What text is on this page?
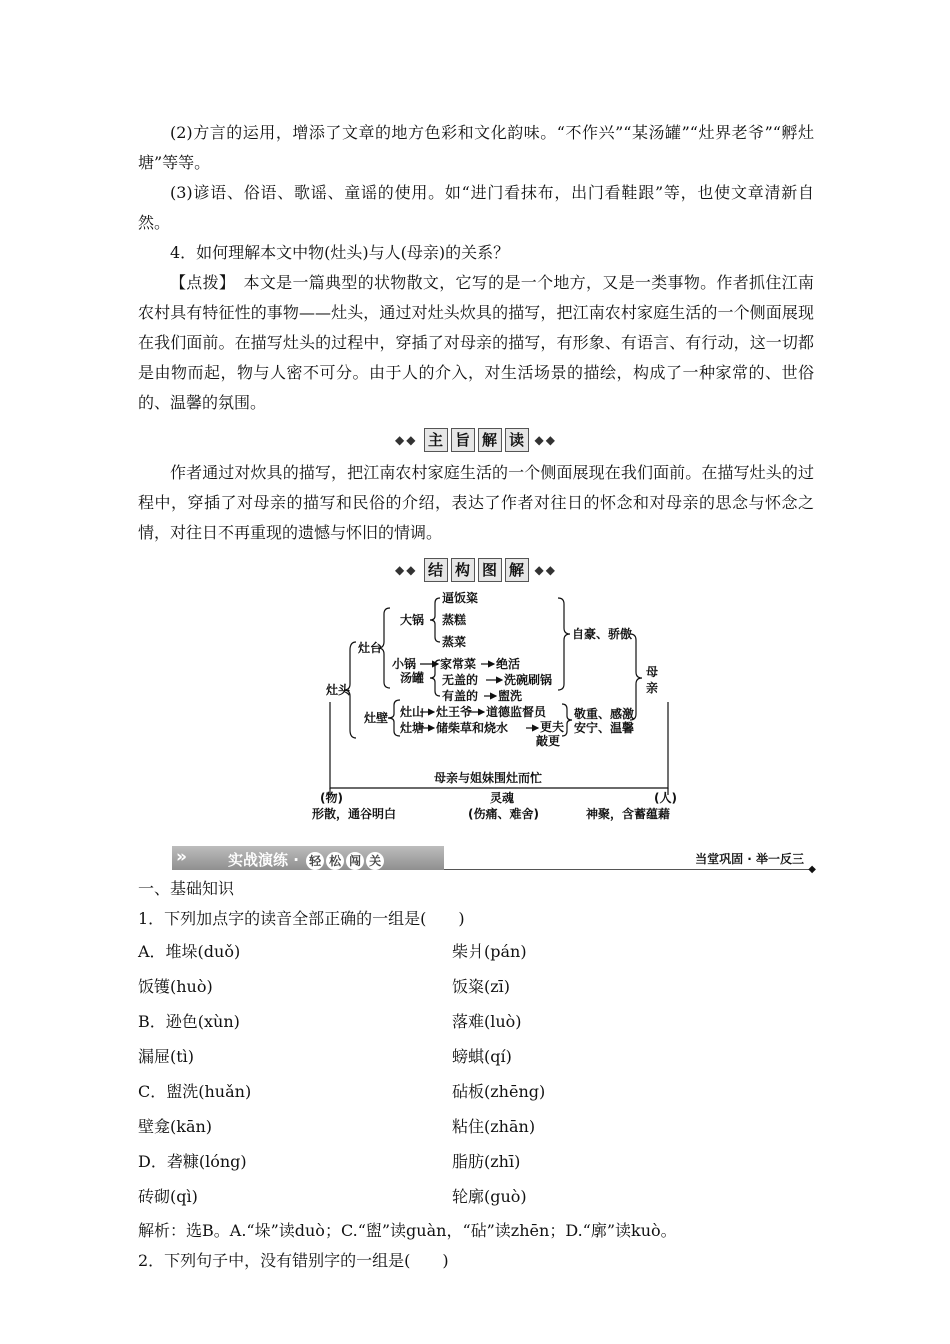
(2)方言的运用，增添了文章的地方色彩和文化韵味。“不作兴”“某汤罐”“灶界老爷”“孵灶塘”等等。

(3)谚语、俗语、歌谣、童谣的使用。如“进门看抹布，出门看鞋跟”等，也使文章清新自然。

4．如何理解本文中物(灶头)与人(母亲)的关系？

【点拨】　 本文是一篇典型的状物散文，它写的是一个地方，又是一类事物。作者抓住江南农村具有特征性的事物——灶头，通过对灶头炊具的描写，把江南农村家庭生活的一个侧面展现在我们面前。在描写灶头的过程中，穿插了对母亲的描写，有形象、有语言、有行动，这一切都是由物而起，物与人密不可分。由于人的介入，对生活场景的描绘，构成了一种家常的、世俗的、温馨的氛围。

◆◆ 主 旨 解 读 ◆◆

作者通过对炊具的描写，把江南农村家庭生活的一个侧面展现在我们面前。在描写灶头的过程中，穿插了对母亲的描写和民俗的介绍，表达了作者对往日的怀念和对母亲的思念与怀念之情，对往日不再重现的遗憾与怀旧的情调。

◆◆ 结 构 图 解 ◆◆
灶头
灶台
大锅
逼饭粢
蒸糕
蒸菜
小锅 家常菜 绝活
汤罐 无盖的 洗碗刷锅
有盖的 盥洗
灶壁 灶山 灶王爷 道德监督员
灶塘 储柴草和烧水	更夫
敲更
自豪、骄傲
敬重、感激
安宁、温馨
母亲
母亲与姐妹围灶而忙
(物)	灵魂	(人)
形散，通谷明白	(伤痛、难舍)	神聚，含蓄蕴藉
»	实战演练 · 轻 松 闯 关	当堂巩固 · 举一反三
◆

一、基础知识

1．下列加点字的读音全部正确的一组是(　　)

A．堆垛(duǒ)	柴爿(pán)
饭镬(huò)	饭粢(zī)
B．逊色(xùn)	落难(luò)
漏屉(tì)	螃蜞(qí)
C．盥洗(huǎn)	砧板(zhēng)
壁龛(kān)	粘住(zhān)
D．砻糠(lóng)	脂肪(zhī)
砖砌(qì)	轮廓(guò)

解析：选B。A.“垛”读duò；C.“盥”读guàn，“砧”读zhēn；D.“廓”读kuò。

2．下列句子中，没有错别字的一组是(　　)
